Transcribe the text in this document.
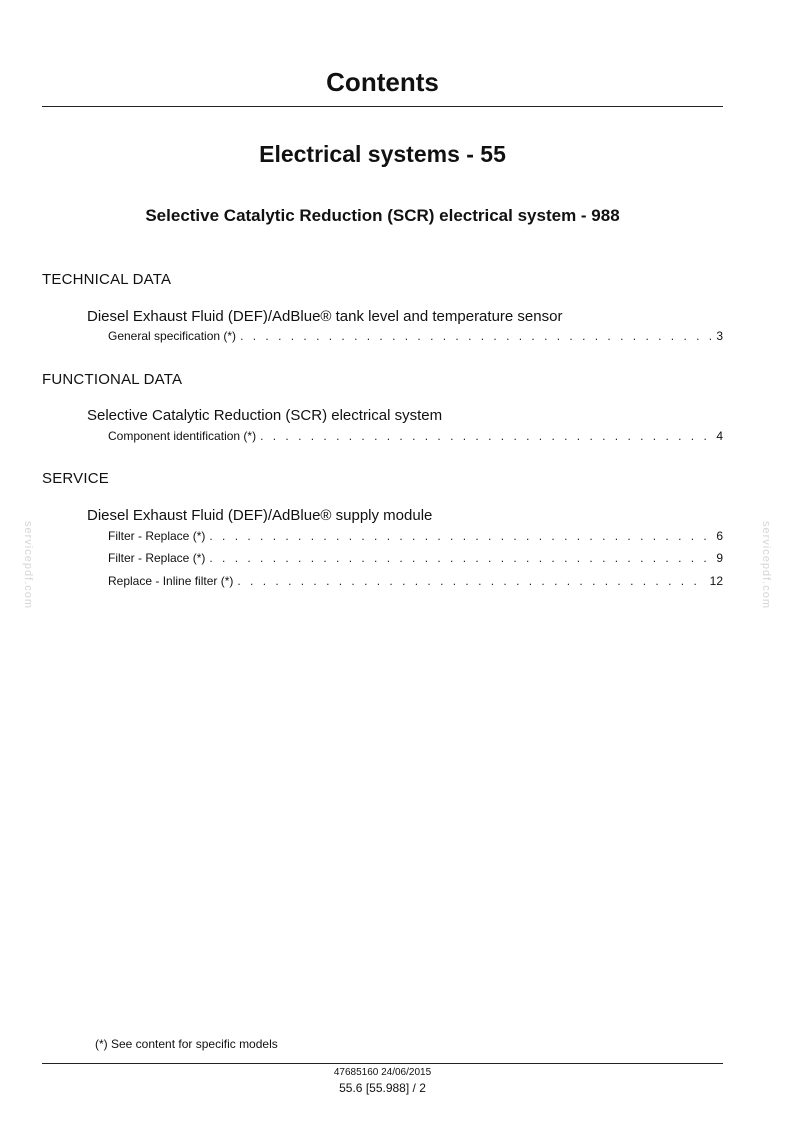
Contents
Electrical systems - 55
Selective Catalytic Reduction (SCR) electrical system - 988
TECHNICAL DATA
Diesel Exhaust Fluid (DEF)/AdBlue® tank level and temperature sensor
General specification (*) . . .	3
FUNCTIONAL DATA
Selective Catalytic Reduction (SCR) electrical system
Component identification (*) . . .	4
SERVICE
Diesel Exhaust Fluid (DEF)/AdBlue® supply module
Filter - Replace (*) . . .	6
Filter - Replace (*) . . .	9
Replace - Inline filter (*) . . .	12
servicepdf.com	servicepdf.com
(*) See content for specific models
47685160 24/06/2015
55.6 [55.988] / 2
